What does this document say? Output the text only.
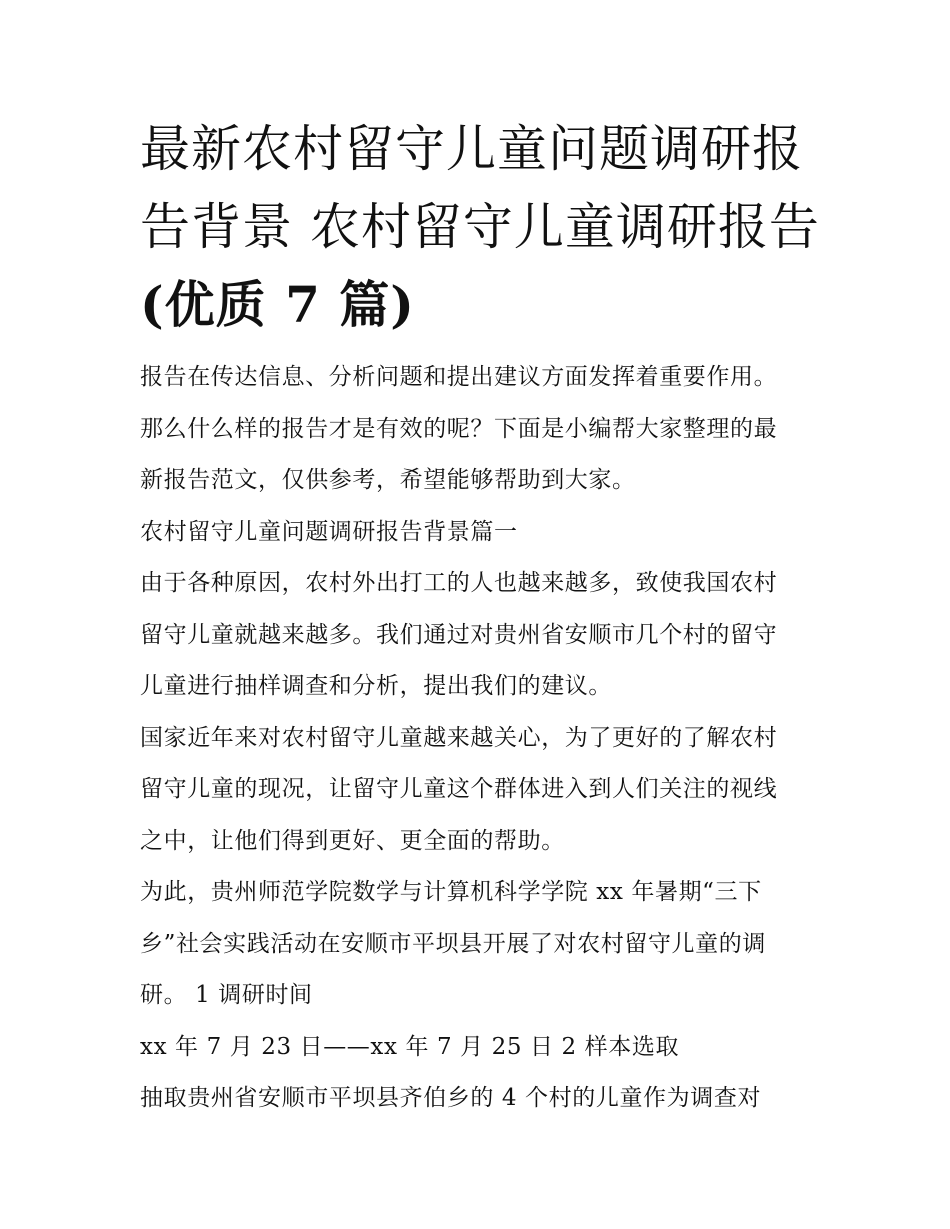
最新农村留守儿童问题调研报
告背景 农村留守儿童调研报告
(优质 7 篇)
报告在传达信息、分析问题和提出建议方面发挥着重要作用。
那么什么样的报告才是有效的呢？下面是小编帮大家整理的最
新报告范文，仅供参考，希望能够帮助到大家。
农村留守儿童问题调研报告背景篇一
由于各种原因，农村外出打工的人也越来越多，致使我国农村
留守儿童就越来越多。我们通过对贵州省安顺市几个村的留守
儿童进行抽样调查和分析，提出我们的建议。
国家近年来对农村留守儿童越来越关心，为了更好的了解农村
留守儿童的现况，让留守儿童这个群体进入到人们关注的视线
之中，让他们得到更好、更全面的帮助。
为此，贵州师范学院数学与计算机科学学院 xx 年暑期“三下
乡”社会实践活动在安顺市平坝县开展了对农村留守儿童的调
研。 1 调研时间
xx 年 7 月 23 日——xx 年 7 月 25 日 2 样本选取
抽取贵州省安顺市平坝县齐伯乡的 4 个村的儿童作为调查对
